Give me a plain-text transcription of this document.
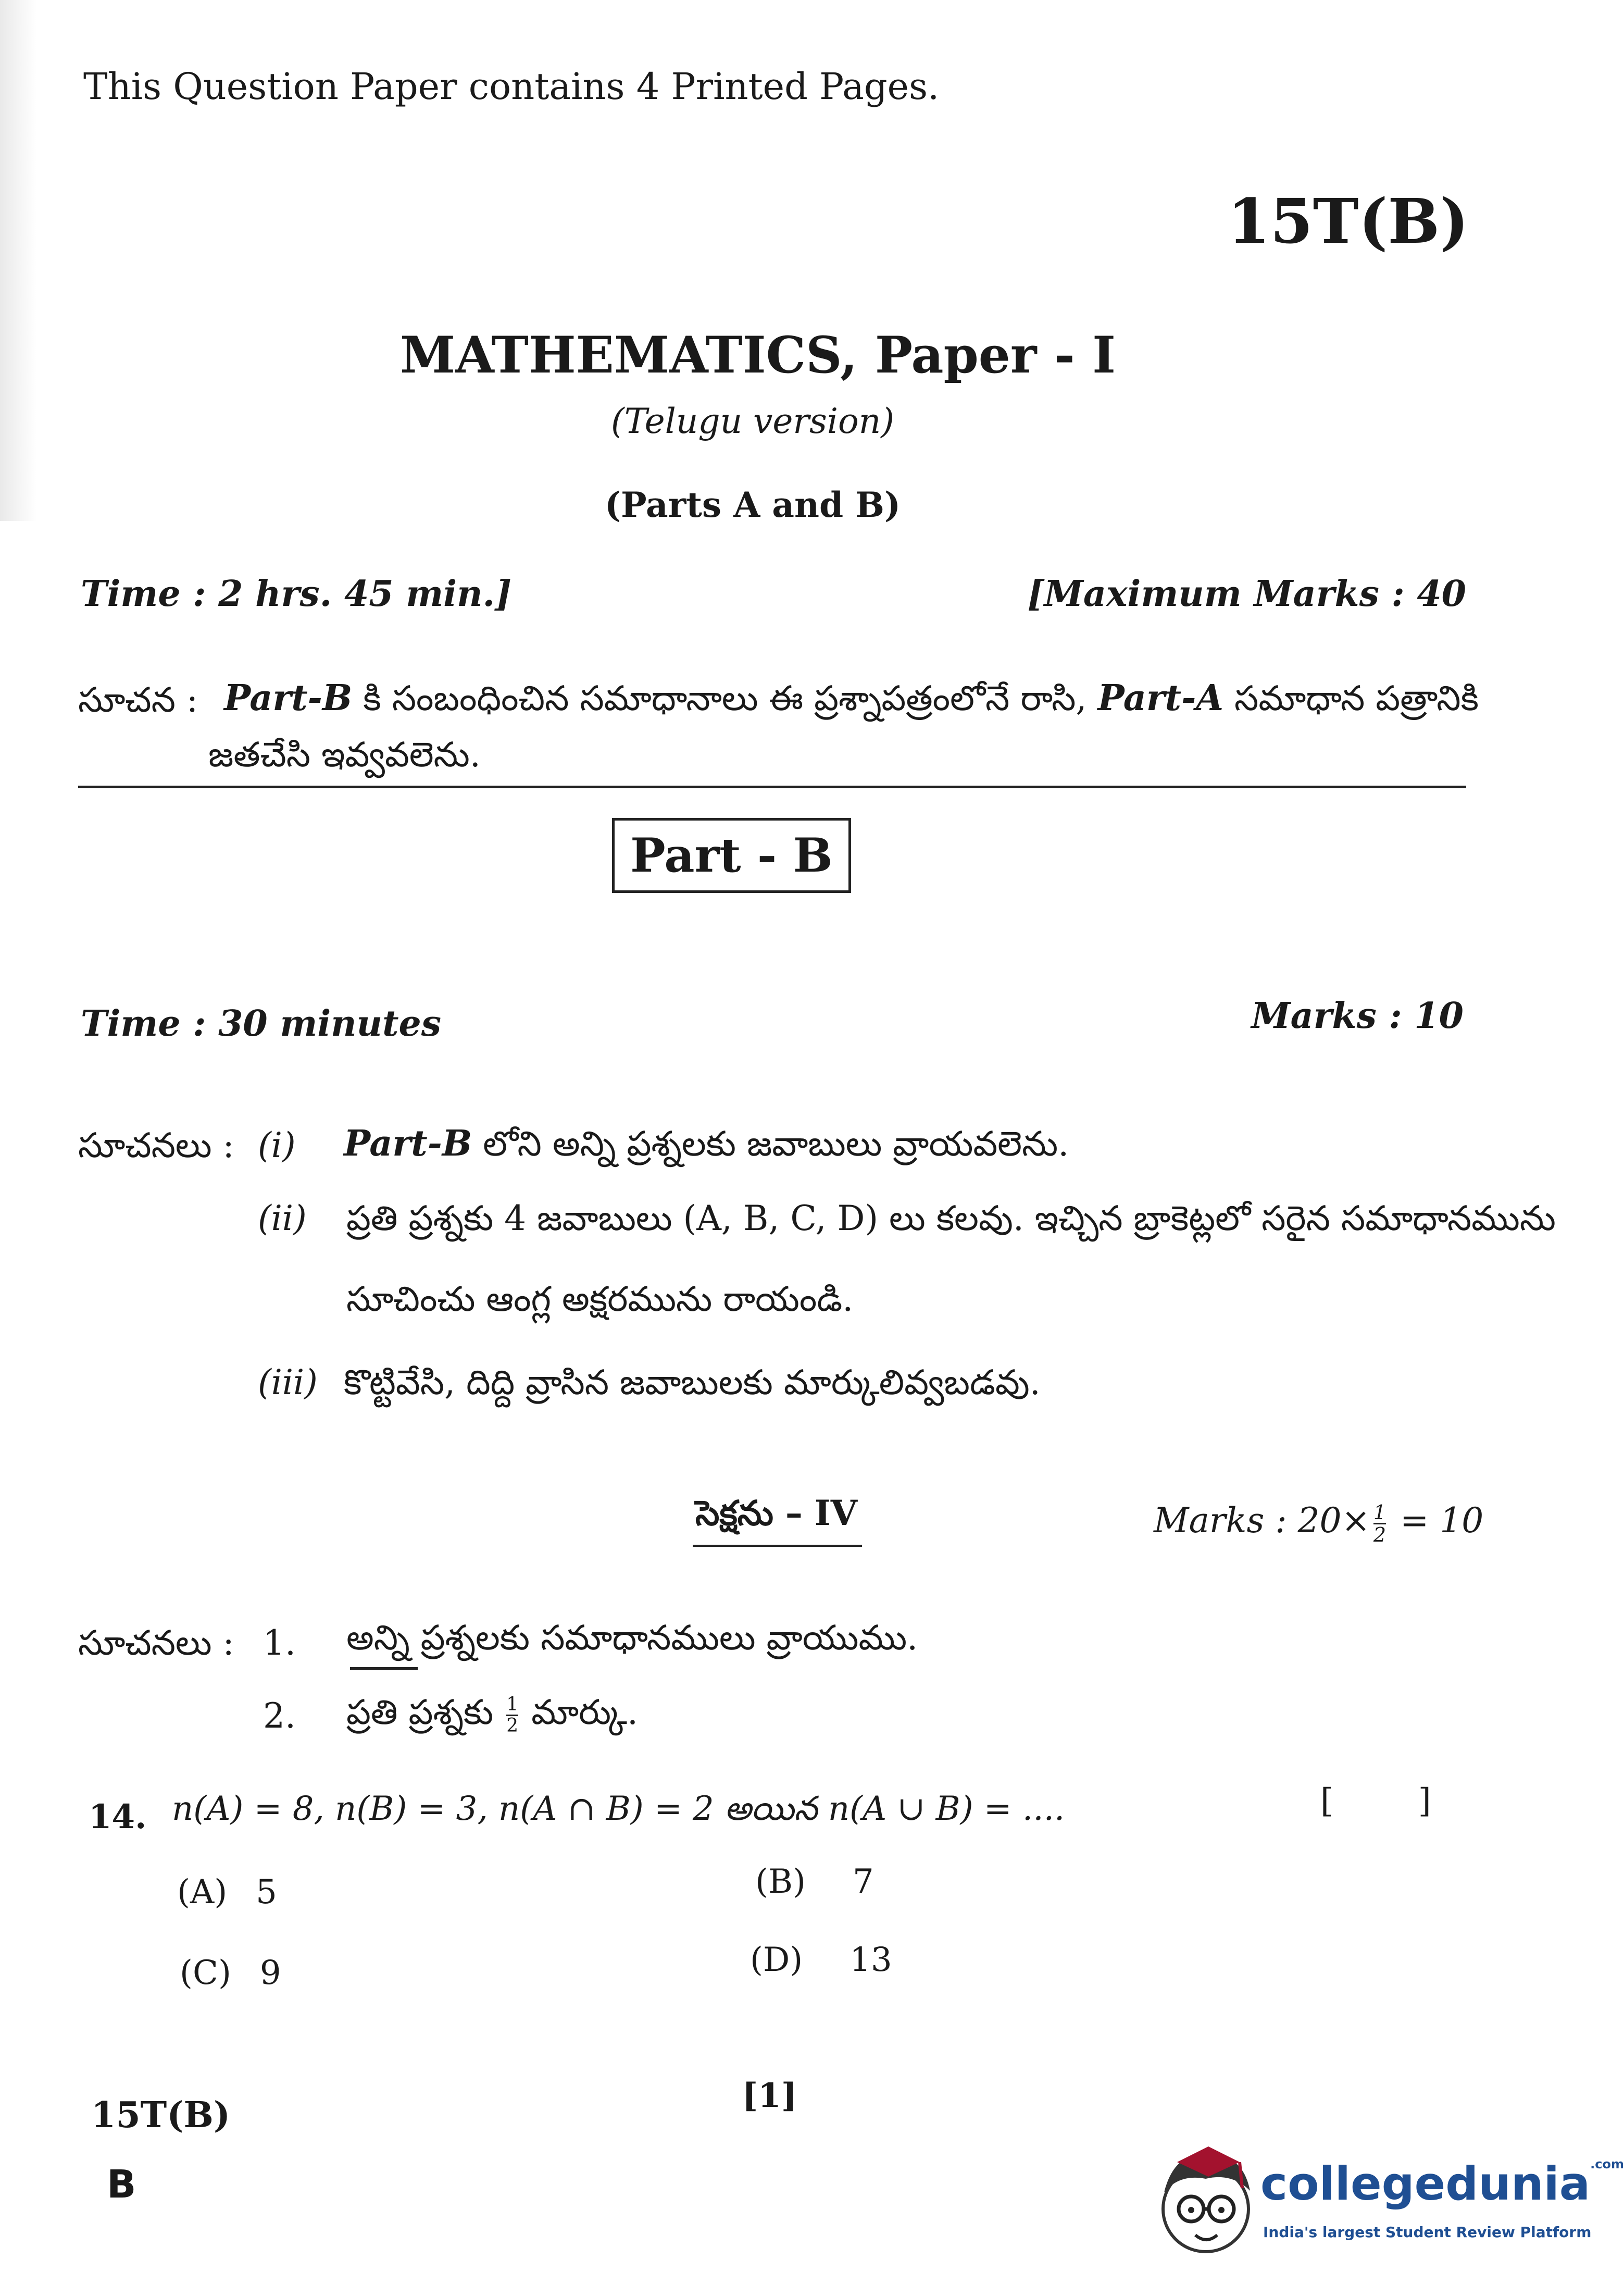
This Question Paper contains 4 Printed Pages.
15T(B)
MATHEMATICS, Paper - I
(Telugu version)
(Parts A and B)
Time : 2 hrs. 45 min.]	[Maximum Marks : 40
సూచన : Part-B కి సంబంధించిన సమాధానాలు ఈ ప్రశ్నాపత్రంలోనే రాసి, Part-A సమాధాన పత్రానికి
జతచేసి ఇవ్వవలెను.
Part - B
Time : 30 minutes	Marks : 10
సూచనలు : (i) Part-B లోని అన్ని ప్రశ్నలకు జవాబులు వ్రాయవలెను.
(ii) ప్రతి ప్రశ్నకు 4 జవాబులు (A, B, C, D) లు కలవు. ఇచ్చిన బ్రాకెట్లలో సరైన సమాధానమును
సూచించు ఆంగ్ల అక్షరమును రాయండి.
(iii) కొట్టివేసి, దిద్ది వ్రాసిన జవాబులకు మార్కులివ్వబడవు.
సెక్షను – IV	Marks : $20\times \frac{1}{2} = 10$
సూచనలు : 1. అన్ని ప్రశ్నలకు సమాధానములు వ్రాయుము.
2. ప్రతి ప్రశ్నకు $\frac{1}{2}$ మార్కు.
14. n(A) = 8, n(B) = 3, n(A ∩ B) = 2 అయిన n(A ∪ B) = ....	[        ]
(A) 5	(B) 7
(C) 9	(D) 13
15T(B)	[1]
B	collegedunia$^{.com}$
India's largest Student Review Platform
